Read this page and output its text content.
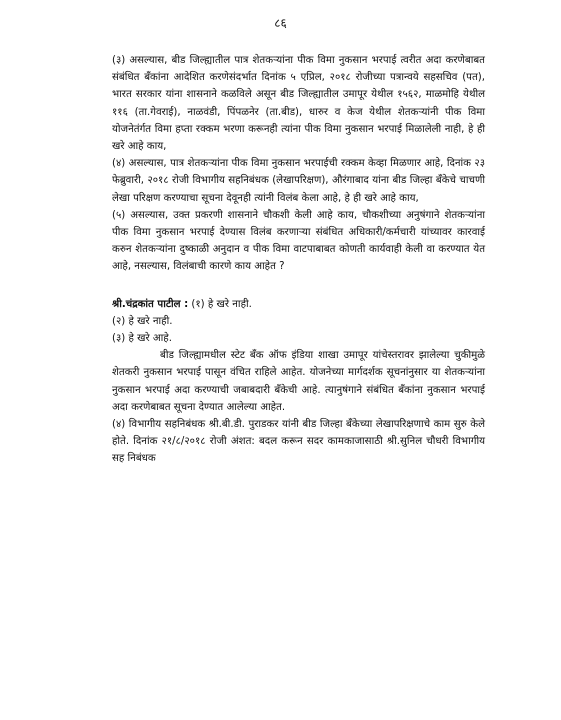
८६

(३) असल्यास, बीड जिल्ह्यातील पात्र शेतकऱ्यांना पीक विमा नुकसान भरपाई त्वरीत अदा करणेबाबत संबंधित बँकांना आदेशित करणेसंदर्भात दिनांक ५ एप्रिल, २०१८ रोजीच्या पत्रान्वये सहसचिव (पत), भारत सरकार यांना शासनाने कळविले असून बीड जिल्ह्यातील उमापूर येथील १५६२, माळमोहि येथील ११६ (ता.गेवराई), नाळवंडी, पिंपळनेर (ता.बीड), धारुर व केज येथील शेतकऱ्यांनी पीक विमा योजनेतंर्गत विमा हप्ता रक्कम भरणा करूनही त्यांना पीक विमा नुकसान भरपाई मिळालेली नाही, हे ही खरे आहे काय,

(४) असल्यास, पात्र शेतकऱ्यांना पीक विमा नुकसान भरपाईची रक्कम केव्हा मिळणार आहे, दिनांक २३ फेब्रुवारी, २०१८ रोजी विभागीय सहनिबंधक (लेखापरिक्षण), औरंगाबाद यांना बीड जिल्हा बँकेचे चाचणी लेखा परिक्षण करण्याचा सूचना देवूनही त्यांनी विलंब केला आहे, हे ही खरे आहे काय,

(५) असल्यास, उक्त प्रकरणी शासनाने चौकशी केली आहे काय, चौकशीच्या अनुषंगाने शेतकऱ्यांना पीक विमा नुकसान भरपाई देण्यास विलंब करणाऱ्या संबंधित अधिकारी/कर्मचारी यांच्यावर कारवाई करुन शेतकऱ्यांना दुष्काळी अनुदान व पीक विमा वाटपाबाबत कोणती कार्यवाही केली वा करण्यात येत आहे, नसल्यास, विलंबाची कारणे काय आहेत ?

श्री.चंद्रकांत पाटील : (१) हे खरे नाही.

(२) हे खरे नाही.

(३) हे खरे आहे.

बीड जिल्ह्यामधील स्टेट बँक ऑफ इंडिया शाखा उमापूर यांचेस्तरावर झालेल्या चुकीमुळे शेतकरी नुकसान भरपाई पासून वंचित राहिले आहेत. योजनेच्या मार्गदर्शक सूचनांनुसार या शेतकऱ्यांना नुकसान भरपाई अदा करण्याची जबाबदारी बँकेची आहे. त्यानुषंगाने संबंधित बँकांना नुकसान भरपाई अदा करणेबाबत सूचना देण्यात आलेल्या आहेत.

(४) विभागीय सहनिबंधक श्री.बी.डी. पुराडकर यांनी बीड जिल्हा बँकेच्या लेखापरिक्षणाचे काम सुरु केले होते. दिनांक २१/८/२०१८ रोजी अंशत: बदल करून सदर कामकाजासाठी श्री.सुनिल चौधरी विभागीय सह निबंधक
